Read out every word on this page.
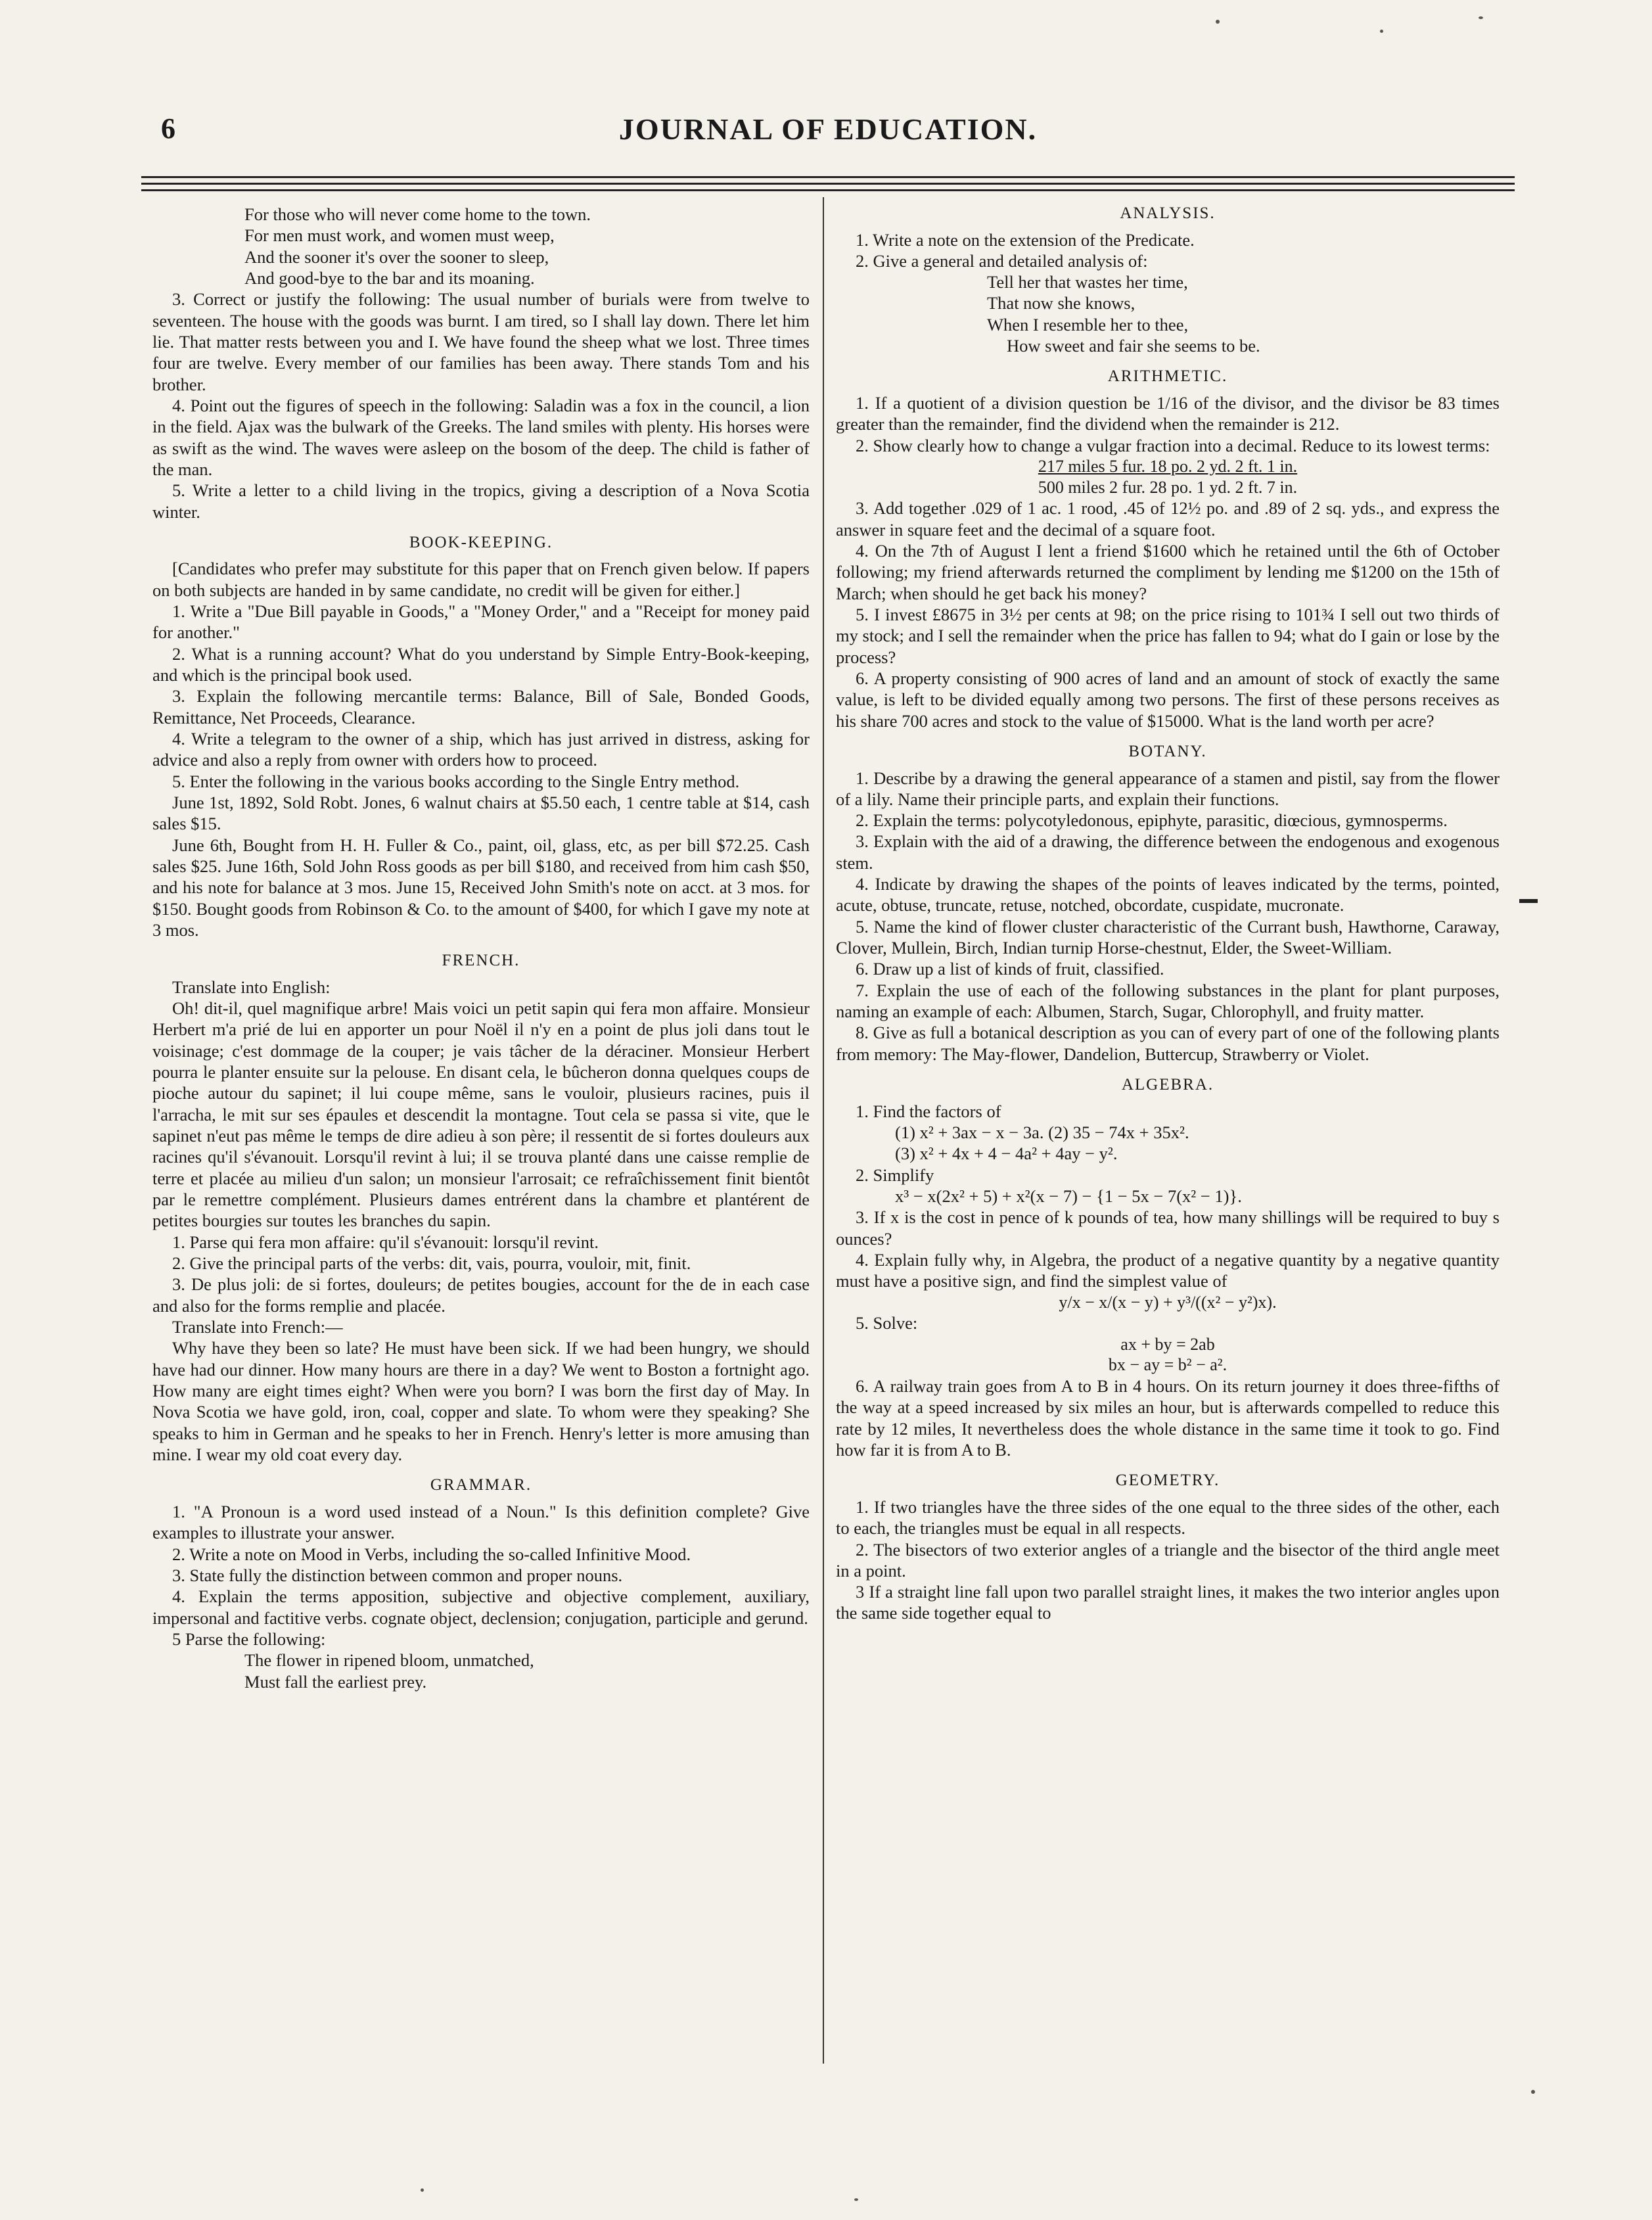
6	JOURNAL OF EDUCATION.
For those who will never come home to the town.
For men must work, and women must weep,
And the sooner it's over the sooner to sleep,
And good-bye to the bar and its moaning.

3. Correct or justify the following: The usual number of burials were from twelve to seventeen. The house with the goods was burnt. I am tired, so I shall lay down. There let him lie. That matter rests between you and I. We have found the sheep what we lost. Three times four are twelve. Every member of our families has been away. There stands Tom and his brother.

4. Point out the figures of speech in the following: Saladin was a fox in the council, a lion in the field. Ajax was the bulwark of the Greeks. The land smiles with plenty. His horses were as swift as the wind. The waves were asleep on the bosom of the deep. The child is father of the man.

5. Write a letter to a child living in the tropics, giving a description of a Nova Scotia winter.

BOOK-KEEPING.

[Candidates who prefer may substitute for this paper that on French given below. If papers on both subjects are handed in by same candidate, no credit will be given for either.]

1. Write a "Due Bill payable in Goods," a "Money Order," and a "Receipt for money paid for another."

2. What is a running account? What do you understand by Simple Entry-Book-keeping, and which is the principal book used.

3. Explain the following mercantile terms: Balance, Bill of Sale, Bonded Goods, Remittance, Net Proceeds, Clearance.

4. Write a telegram to the owner of a ship, which has just arrived in distress, asking for advice and also a reply from owner with orders how to proceed.

5. Enter the following in the various books according to the Single Entry method.

June 1st, 1892, Sold Robt. Jones, 6 walnut chairs at $5.50 each, 1 centre table at $14, cash sales $15.

June 6th, Bought from H. H. Fuller & Co., paint, oil, glass, etc, as per bill $72.25. Cash sales $25. June 16th, Sold John Ross goods as per bill $180, and received from him cash $50, and his note for balance at 3 mos. June 15, Received John Smith's note on acct. at 3 mos. for $150. Bought goods from Robinson & Co. to the amount of $400, for which I gave my note at 3 mos.

FRENCH.

Translate into English:

Oh! dit-il, quel magnifique arbre! Mais voici un petit sapin qui fera mon affaire. Monsieur Herbert m'a prié de lui en apporter un pour Noël il n'y en a point de plus joli dans tout le voisinage; c'est dommage de la couper; je vais tâcher de la déraciner. Monsieur Herbert pourra le planter ensuite sur la pelouse. En disant cela, le bûcheron donna quelques coups de pioche autour du sapinet; il lui coupe même, sans le vouloir, plusieurs racines, puis il l'arracha, le mit sur ses épaules et descendit la montagne. Tout cela se passa si vite, que le sapinet n'eut pas même le temps de dire adieu à son père; il ressentit de si fortes douleurs aux racines qu'il s'évanouit. Lorsqu'il revint à lui; il se trouva planté dans une caisse remplie de terre et placée au milieu d'un salon; un monsieur l'arrosait; ce refraîchissement finit bientôt par le remettre complément. Plusieurs dames entrérent dans la chambre et plantérent de petites bourgies sur toutes les branches du sapin.

1. Parse qui fera mon affaire: qu'il s'évanouit: lorsqu'il revint.

2. Give the principal parts of the verbs: dit, vais, pourra, vouloir, mit, finit.

3. De plus joli: de si fortes, douleurs; de petites bougies, account for the de in each case and also for the forms remplie and placée.

Translate into French:—

Why have they been so late? He must have been sick. If we had been hungry, we should have had our dinner. How many hours are there in a day? We went to Boston a fortnight ago. How many are eight times eight? When were you born? I was born the first day of May. In Nova Scotia we have gold, iron, coal, copper and slate. To whom were they speaking? She speaks to him in German and he speaks to her in French. Henry's letter is more amusing than mine. I wear my old coat every day.

GRAMMAR.

1. "A Pronoun is a word used instead of a Noun." Is this definition complete? Give examples to illustrate your answer.

2. Write a note on Mood in Verbs, including the so-called Infinitive Mood.

3. State fully the distinction between common and proper nouns.

4. Explain the terms apposition, subjective and objective complement, auxiliary, impersonal and factitive verbs. cognate object, declension; conjugation, participle and gerund.

5 Parse the following:

The flower in ripened bloom, unmatched,
Must fall the earliest prey.
ANALYSIS.

1. Write a note on the extension of the Predicate.

2. Give a general and detailed analysis of:

Tell her that wastes her time,
That now she knows,
When I resemble her to thee,
How sweet and fair she seems to be.
ARITHMETIC.

1. If a quotient of a division question be 1/16 of the divisor, and the divisor be 83 times greater than the remainder, find the dividend when the remainder is 212.

2. Show clearly how to change a vulgar fraction into a decimal. Reduce to its lowest terms:

217 miles 5 fur. 18 po. 2 yd. 2 ft. 1 in.
500 miles 2 fur. 28 po. 1 yd. 2 ft. 7 in.

3. Add together .029 of 1 ac. 1 rood, .45 of 12½ po. and .89 of 2 sq. yds., and express the answer in square feet and the decimal of a square foot.

4. On the 7th of August I lent a friend $1600 which he retained until the 6th of October following; my friend afterwards returned the compliment by lending me $1200 on the 15th of March; when should he get back his money?

5. I invest £8675 in 3½ per cents at 98; on the price rising to 101¾ I sell out two thirds of my stock; and I sell the remainder when the price has fallen to 94; what do I gain or lose by the process?

6. A property consisting of 900 acres of land and an amount of stock of exactly the same value, is left to be divided equally among two persons. The first of these persons receives as his share 700 acres and stock to the value of $15000. What is the land worth per acre?

BOTANY.

1. Describe by a drawing the general appearance of a stamen and pistil, say from the flower of a lily. Name their principle parts, and explain their functions.

2. Explain the terms: polycotyledonous, epiphyte, parasitic, diœcious, gymnosperms.

3. Explain with the aid of a drawing, the difference between the endogenous and exogenous stem.

4. Indicate by drawing the shapes of the points of leaves indicated by the terms, pointed, acute, obtuse, truncate, retuse, notched, obcordate, cuspidate, mucronate.

5. Name the kind of flower cluster characteristic of the Currant bush, Hawthorne, Caraway, Clover, Mullein, Birch, Indian turnip Horse-chestnut, Elder, the Sweet-William.

6. Draw up a list of kinds of fruit, classified.

7. Explain the use of each of the following substances in the plant for plant purposes, naming an example of each: Albumen, Starch, Sugar, Chlorophyll, and fruity matter.

8. Give as full a botanical description as you can of every part of one of the following plants from memory: The May-flower, Dandelion, Buttercup, Strawberry or Violet.

ALGEBRA.

1. Find the factors of

(1) x² + 3ax − x − 3a. (2) 35 − 74x + 35x².
(3) x² + 4x + 4 − 4a² + 4ay − y².

2. Simplify

x³ − x(2x² + 5) + x²(x − 7) − {1 − 5x − 7(x² − 1)}.

3. If x is the cost in pence of k pounds of tea, how many shillings will be required to buy s ounces?

4. Explain fully why, in Algebra, the product of a negative quantity by a negative quantity must have a positive sign, and find the simplest value of

y/x − x/(x − y) + y³/((x² − y²)x).

5. Solve:

ax + by = 2ab
bx − ay = b² − a².

6. A railway train goes from A to B in 4 hours. On its return journey it does three-fifths of the way at a speed increased by six miles an hour, but is afterwards compelled to reduce this rate by 12 miles, It nevertheless does the whole distance in the same time it took to go. Find how far it is from A to B.

GEOMETRY.

1. If two triangles have the three sides of the one equal to the three sides of the other, each to each, the triangles must be equal in all respects.

2. The bisectors of two exterior angles of a triangle and the bisector of the third angle meet in a point.

3 If a straight line fall upon two parallel straight lines, it makes the two interior angles upon the same side together equal to
